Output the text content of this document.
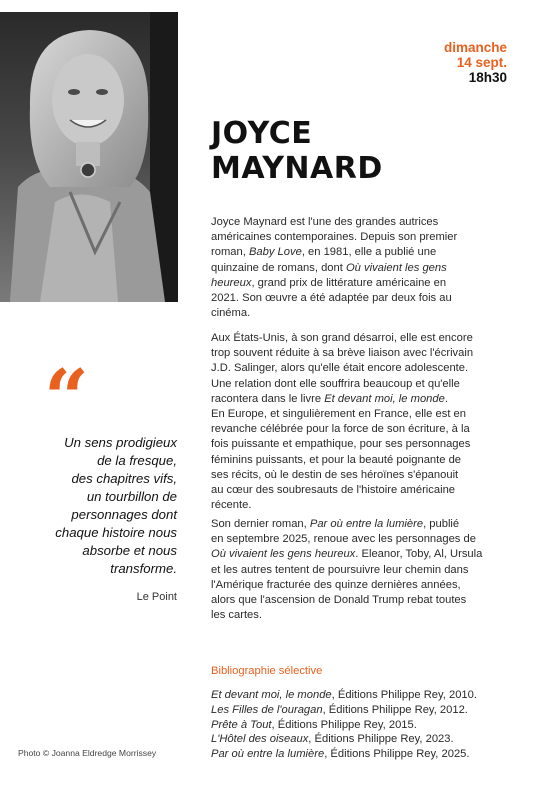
dimanche
14 sept.
18h30
JOYCE
MAYNARD

Joyce Maynard est l'une des grandes autrices
américaines contemporaines. Depuis son premier
roman, Baby Love, en 1981, elle a publié une
quinzaine de romans, dont Où vivaient les gens
heureux, grand prix de littérature américaine en
2021. Son œuvre a été adaptée par deux fois au
cinéma.

Aux États-Unis, à son grand désarroi, elle est encore
trop souvent réduite à sa brève liaison avec l'écrivain
J.D. Salinger, alors qu'elle était encore adolescente.
Une relation dont elle souffrira beaucoup et qu'elle
racontera dans le livre Et devant moi, le monde.
En Europe, et singulièrement en France, elle est en
revanche célébrée pour la force de son écriture, à la
fois puissante et empathique, pour ses personnages
féminins puissants, et pour la beauté poignante de
ses récits, où le destin de ses héroïnes s'épanouit
au cœur des soubresauts de l'histoire américaine
récente.

Son dernier roman, Par où entre la lumière, publié
en septembre 2025, renoue avec les personnages de
Où vivaient les gens heureux. Eleanor, Toby, Al, Ursula
et les autres tentent de poursuivre leur chemin dans
l'Amérique fracturée des quinze dernières années,
alors que l'ascension de Donald Trump rebat toutes
les cartes.

“
Un sens prodigieux
de la fresque,
des chapitres vifs,
un tourbillon de
personnages dont
chaque histoire nous
absorbe et nous
transforme.
Le Point
Photo © Joanna Eldredge Morrissey
Bibliographie sélective
Et devant moi, le monde, Éditions Philippe Rey, 2010.
Les Filles de l'ouragan, Éditions Philippe Rey, 2012.
Prête à Tout, Éditions Philippe Rey, 2015.
L'Hôtel des oiseaux, Éditions Philippe Rey, 2023.
Par où entre la lumière, Éditions Philippe Rey, 2025.
